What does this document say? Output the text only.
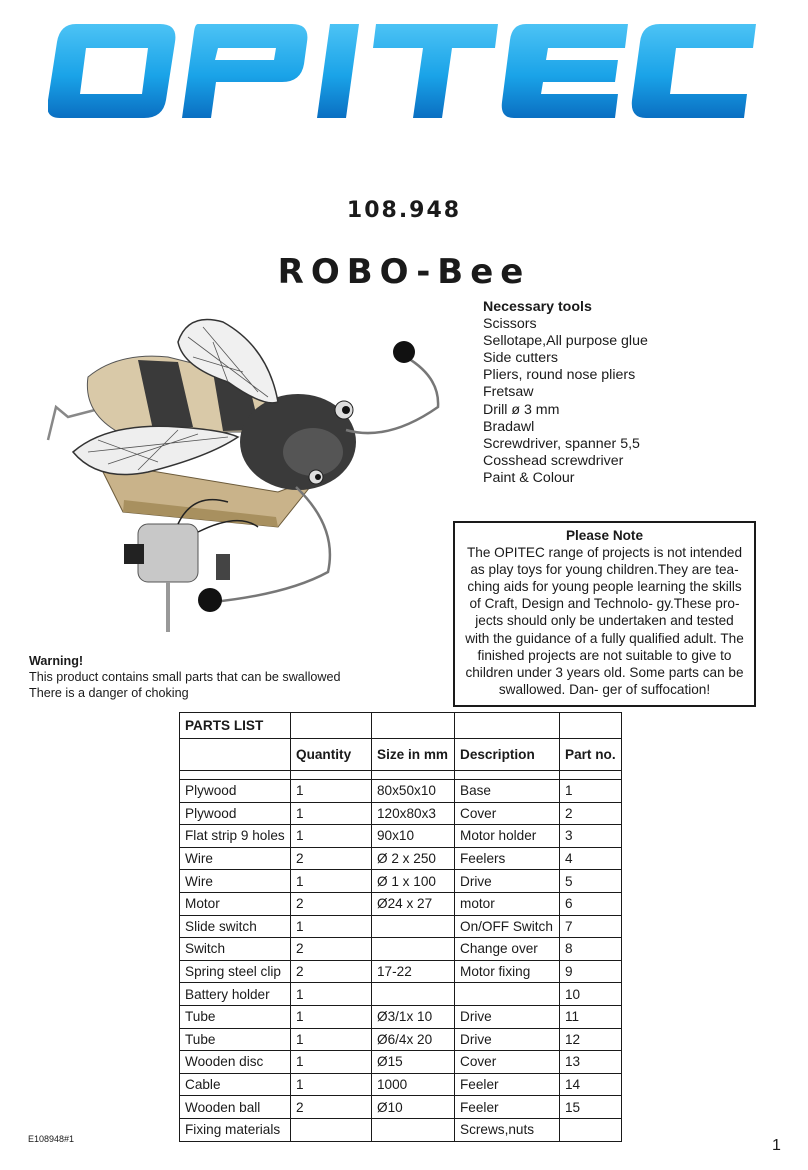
108.948
ROBO-Bee
Necessary tools
Scissors
Sellotape,All purpose glue
Side cutters
Pliers, round nose pliers
Fretsaw
Drill ø 3 mm
Bradawl
Screwdriver, spanner 5,5
Cosshead screwdriver
Paint & Colour
Please Note
The OPITEC range of projects is not intended
as play toys for young children.They are tea-
ching aids for young people learning the skills
of Craft, Design and Technolo- gy.These pro-
jects should only be undertaken and tested
with the guidance of a fully qualified adult. The
finished projects are not suitable to give to
children under 3 years old. Some parts can be
swallowed. Dan- ger of suffocation!
Warning!
This product contains small parts that can be swallowed
There is a danger of choking
PARTS LIST				
	Quantity	Size in mm	Description	Part no.

Plywood	1	80x50x10	Base	1
Plywood	1	120x80x3	Cover	2
Flat strip 9 holes	1	90x10	Motor holder	3
Wire	2	Ø 2 x 250	Feelers	4
Wire	1	Ø 1 x 100	Drive	5
Motor	2	Ø24 x 27	motor	6
Slide switch	1		On/OFF Switch	7
Switch	2		Change over	8
Spring steel clip	2	17-22	Motor fixing	9
Battery holder	1			10
Tube	1	Ø3/1x 10	Drive	11
Tube	1	Ø6/4x 20	Drive	12
Wooden disc	1	Ø15	Cover	13
Cable	1	1000	Feeler	14
Wooden ball	2	Ø10	Feeler	15
Fixing materials			Screws,nuts	
E108948#1	1
